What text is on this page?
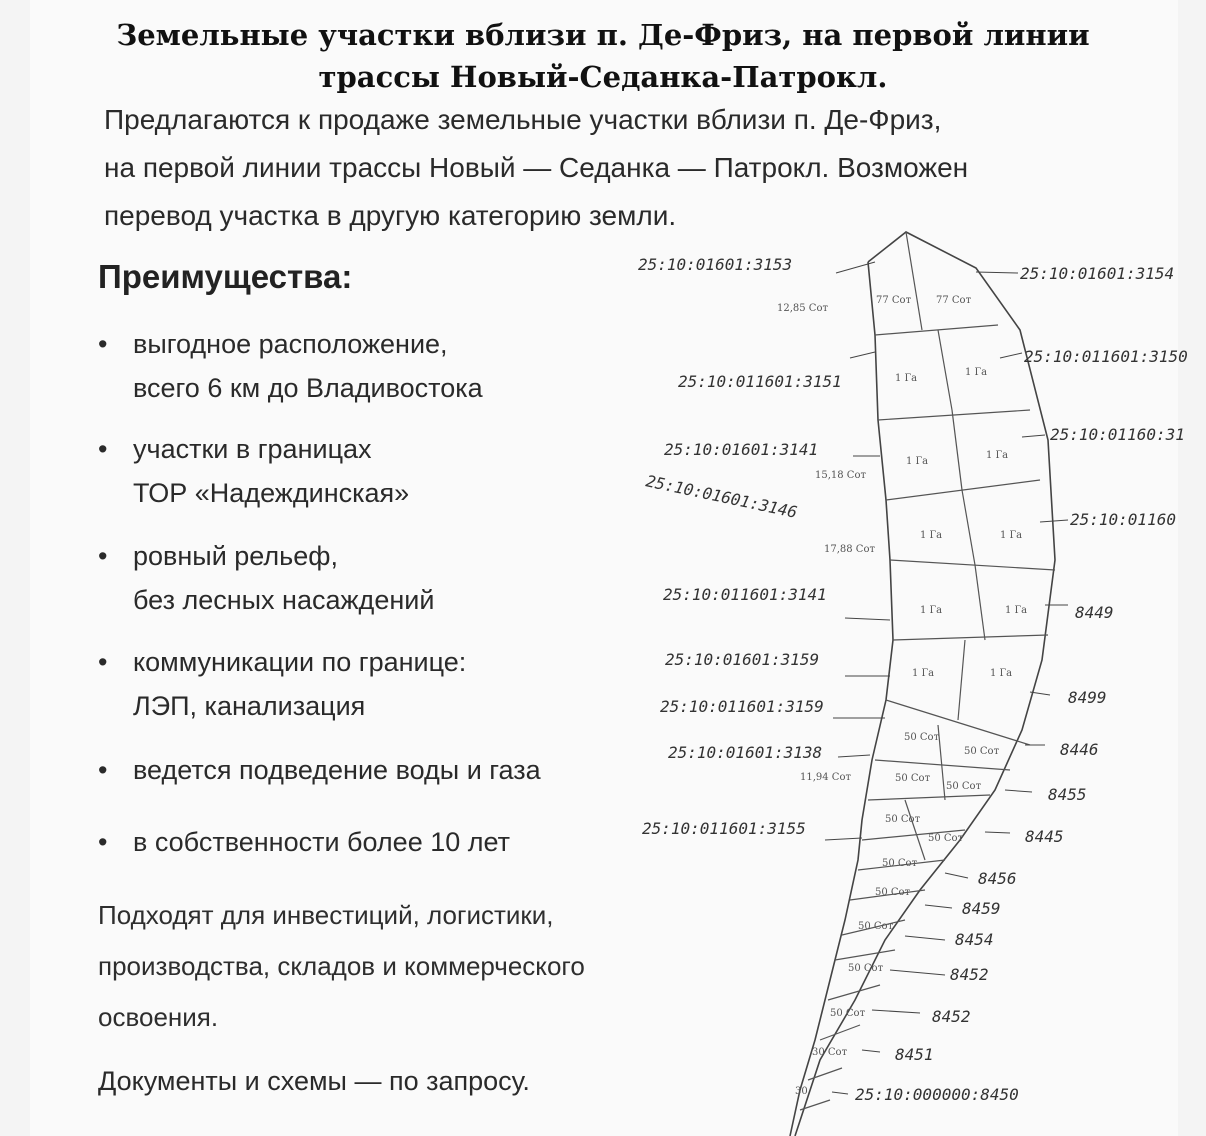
Земельные участки вблизи п. Де-Фриз, на первой линии
трассы Новый-Седанка-Патрокл.
Предлагаются к продаже земельные участки вблизи п. Де-Фриз,
на первой линии трассы Новый — Седанка — Патрокл. Возможен
перевод участка в другую категорию земли.
Преимущества:
• выгодное расположение,
всего 6 км до Владивостока
• участки в границах
ТОР «Надеждинская»
• ровный рельеф,
без лесных насаждений
• коммуникации по границе:
ЛЭП, канализация
• ведется подведение воды и газа
• в собственности более 10 лет
Подходят для инвестиций, логистики,
производства, складов и коммерческого
освоения.
Документы и схемы — по запросу.
77 Сот 77 Сот
12,85 Сот
1 Га
1 Га
1 Га
1 Га
15,18 Сот
1 Га	1 Га
17,88 Сот
1 Га	1 Га
1 Га	1 Га
50 Сот
50 Сот
11,94 Сот	50 Сот
50 Сот
50 Сот
50 Сот
50 Сот
50 Сот
50 Сот
50 Сот
50 Сот
30 Сот
30
25:10:01601:3153
25:10:011601:3151
25:10:01601:3141
25:10:01601:3146
25:10:011601:3141
25:10:01601:3159
25:10:011601:3159
25:10:01601:3138
25:10:011601:3155
25:10:01601:3154
25:10:011601:3150
25:10:01160:31
25:10:01160
8449
8499
8446
8455
8445
8456
8459
8454
8452
8452
8451
25:10:000000:8450
